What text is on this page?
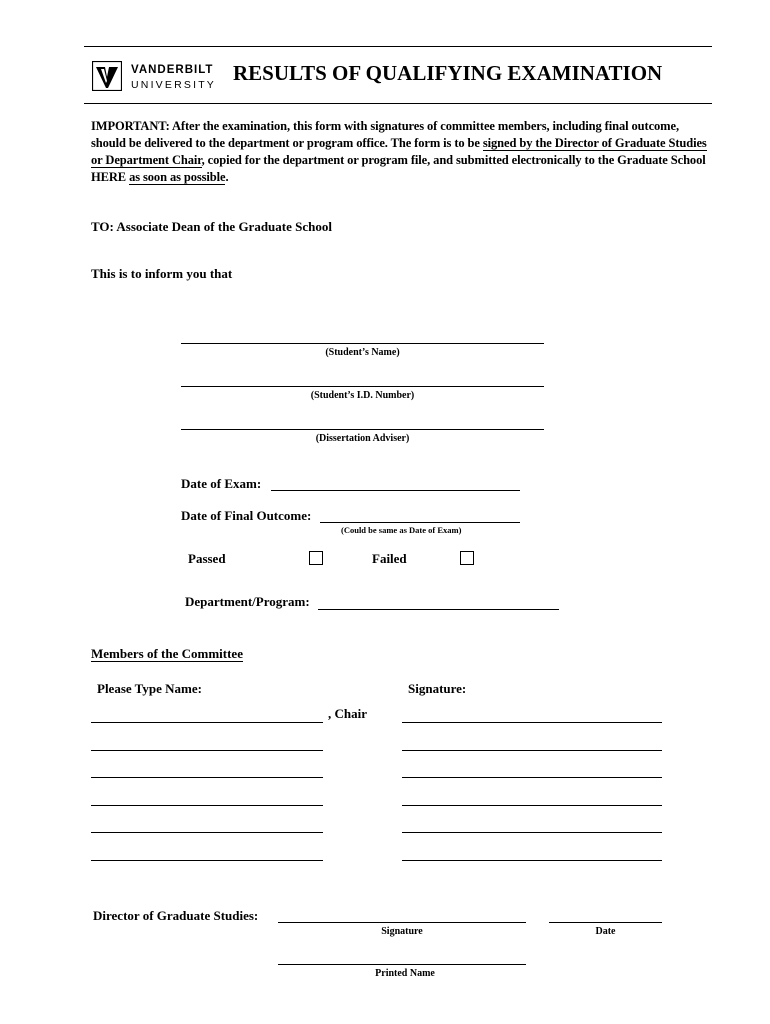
VANDERBILT
UNIVERSITY RESULTS OF QUALIFYING EXAMINATION
IMPORTANT: After the examination, this form with signatures of committee members, including final outcome, should be delivered to the department or program office. The form is to be signed by the Director of Graduate Studies or Department Chair, copied for the department or program file, and submitted electronically to the Graduate School HERE as soon as possible.
TO: Associate Dean of the Graduate School
This is to inform you that
(Student’s Name)
(Student’s I.D. Number)
(Dissertation Adviser)
Date of Exam:
Date of Final Outcome:
(Could be same as Date of Exam)
Passed	Failed
Department/Program:
Members of the Committee
Please Type Name:	Signature:
, Chair
Director of Graduate Studies:
Signature	Date
Printed Name
